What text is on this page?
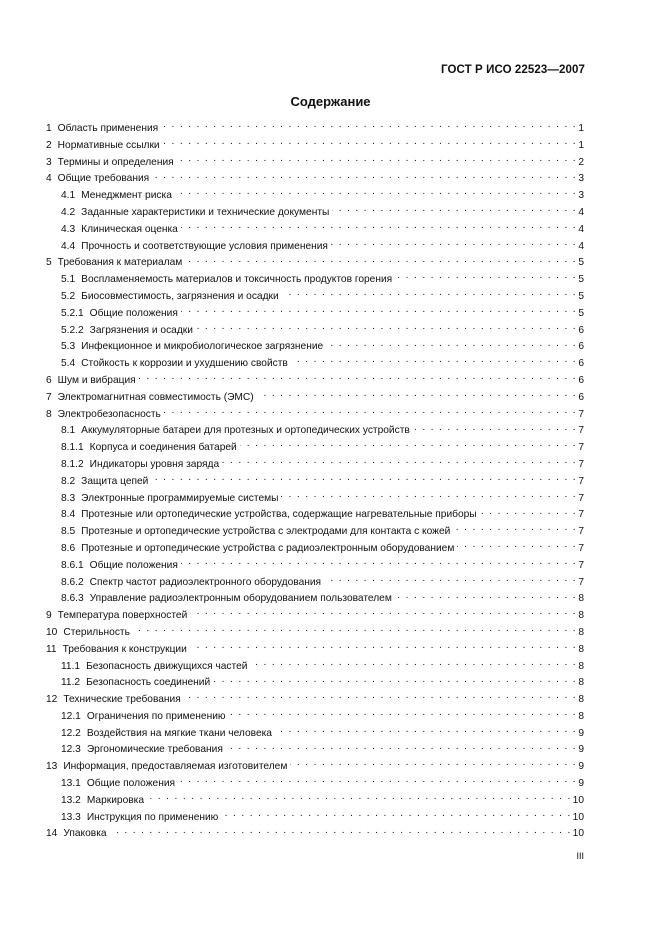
ГОСТ Р ИСО 22523—2007
Содержание
1 Область применения . . .	1
2 Нормативные ссылки . . .	1
3 Термины и определения . . .	2
4 Общие требования . . .	3
4.1 Менеджмент риска . . .	3
4.2 Заданные характеристики и технические документы . . .	4
4.3 Клиническая оценка . . .	4
4.4 Прочность и соответствующие условия применения . . .	4
5 Требования к материалам . . .	5
5.1 Воспламеняемость материалов и токсичность продуктов горения . . .	5
5.2 Биосовместимость, загрязнения и осадки . . .	5
5.2.1 Общие положения . . .	5
5.2.2 Загрязнения и осадки . . .	6
5.3 Инфекционное и микробиологическое загрязнение . . .	6
5.4 Стойкость к коррозии и ухудшению свойств . . .	6
6 Шум и вибрация . . .	6
7 Электромагнитная совместимость (ЭМС) . . .	6
8 Электробезопасность . . .	7
8.1 Аккумуляторные батареи для протезных и ортопедических устройств . . .	7
8.1.1 Корпуса и соединения батарей . . .	7
8.1.2 Индикаторы уровня заряда . . .	7
8.2 Защита цепей . . .	7
8.3 Электронные программируемые системы . . .	7
8.4 Протезные или ортопедические устройства, содержащие нагревательные приборы . . .	7
8.5 Протезные и ортопедические устройства с электродами для контакта с кожей . . .	7
8.6 Протезные и ортопедические устройства с радиоэлектронным оборудованием . . .	7
8.6.1 Общие положения . . .	7
8.6.2 Спектр частот радиоэлектронного оборудования . . .	7
8.6.3 Управление радиоэлектронным оборудованием пользователем . . .	8
9 Температура поверхностей . . .	8
10 Стерильность . . .	8
11 Требования к конструкции . . .	8
11.1 Безопасность движущихся частей . . .	8
11.2 Безопасность соединений . . .	8
12 Технические требования . . .	8
12.1 Ограничения по применению . . .	8
12.2 Воздействия на мягкие ткани человека . . .	9
12.3 Эргономические требования . . .	9
13 Информация, предоставляемая изготовителем . . .	9
13.1 Общие положения . . .	9
13.2 Маркировка . . .	10
13.3 Инструкция по применению . . .	10
14 Упаковка . . .	10
III
